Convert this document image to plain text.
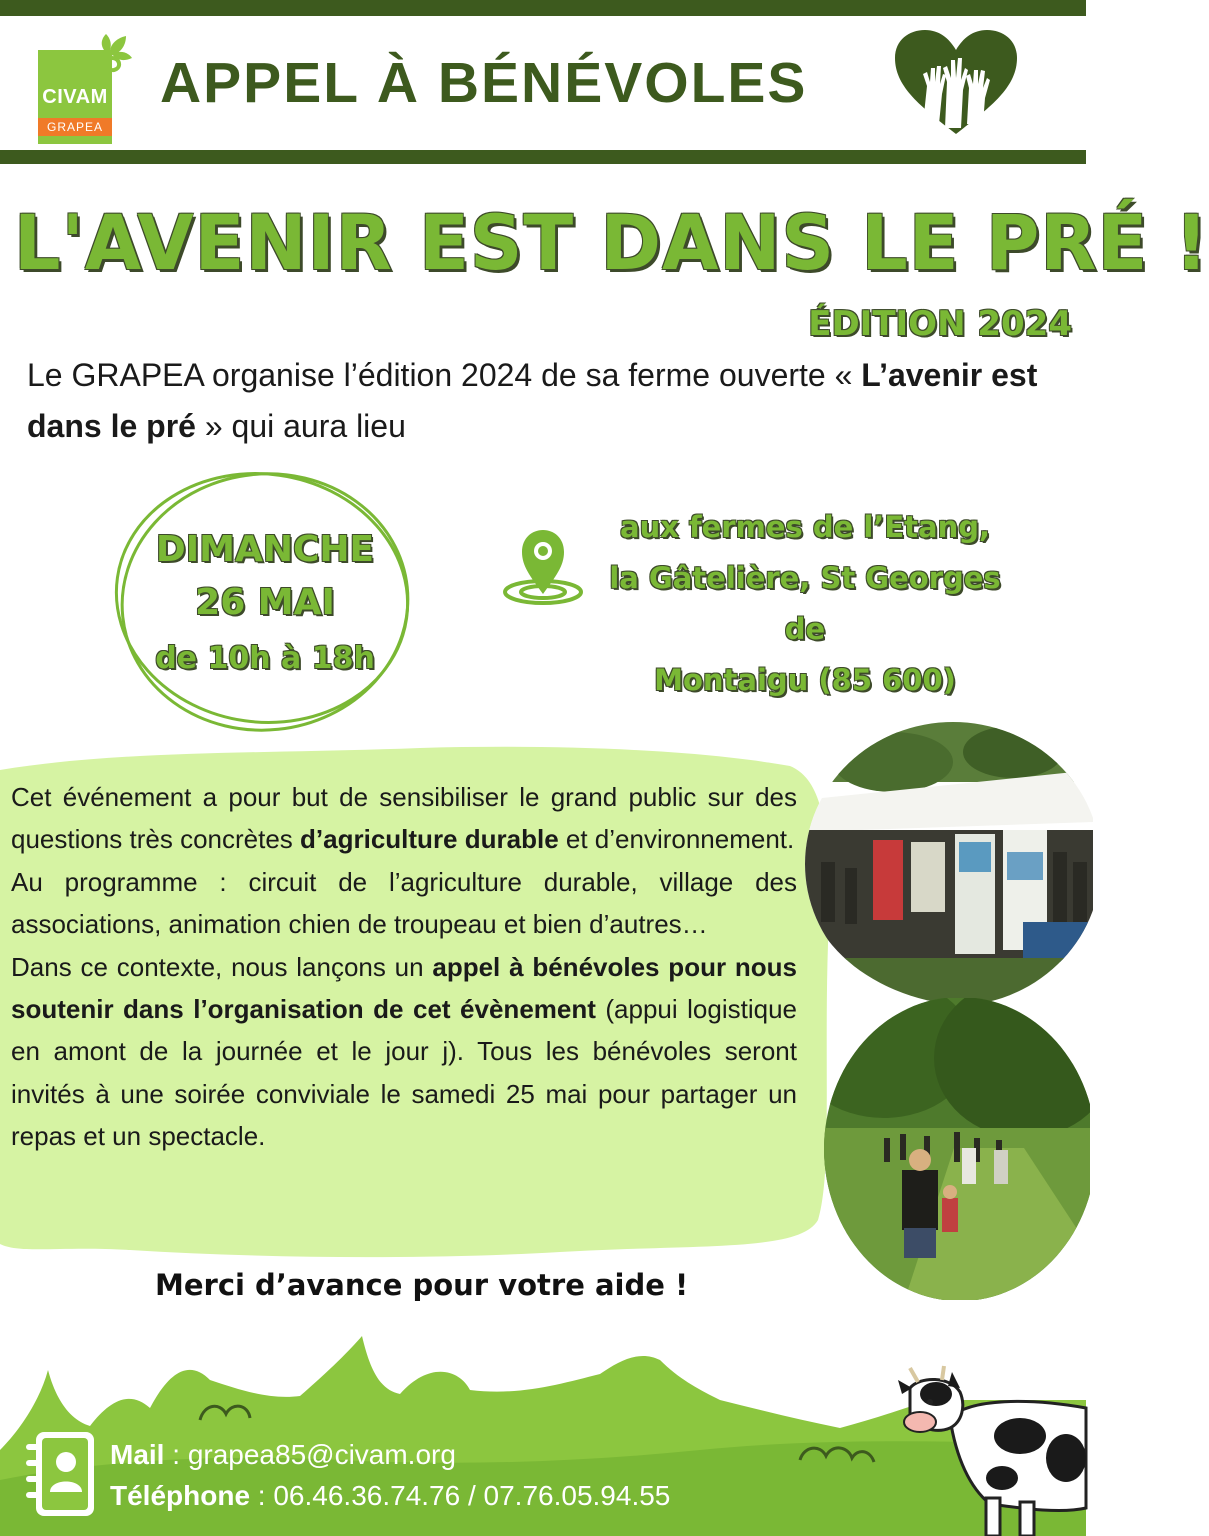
CIVAM
GRAPEA
APPEL À BÉNÉVOLES
L'AVENIR EST DANS LE PRÉ !
ÉDITION 2024
Le GRAPEA organise l’édition 2024 de sa ferme ouverte « L’avenir est dans le pré » qui aura lieu
DIMANCHE
26 MAI
de 10h à 18h
aux fermes de l’Etang,
la Gâtelière, St Georges de
Montaigu (85 600)

Cet événement a pour but de sensibiliser le grand public sur des questions très concrètes d’agriculture durable et d’environnement.

Au programme : circuit de l’agriculture durable, village des associations, animation chien de troupeau et bien d’autres…

Dans ce contexte, nous lançons un appel à bénévoles pour nous soutenir dans l’organisation de cet évènement (appui logistique en amont de la journée et le jour j). Tous les bénévoles seront invités à une soirée conviviale le samedi 25 mai pour partager un repas et un spectacle.

Merci d’avance pour votre aide !
Mail : grapea85@civam.org
Téléphone : 06.46.36.74.76 / 07.76.05.94.55
